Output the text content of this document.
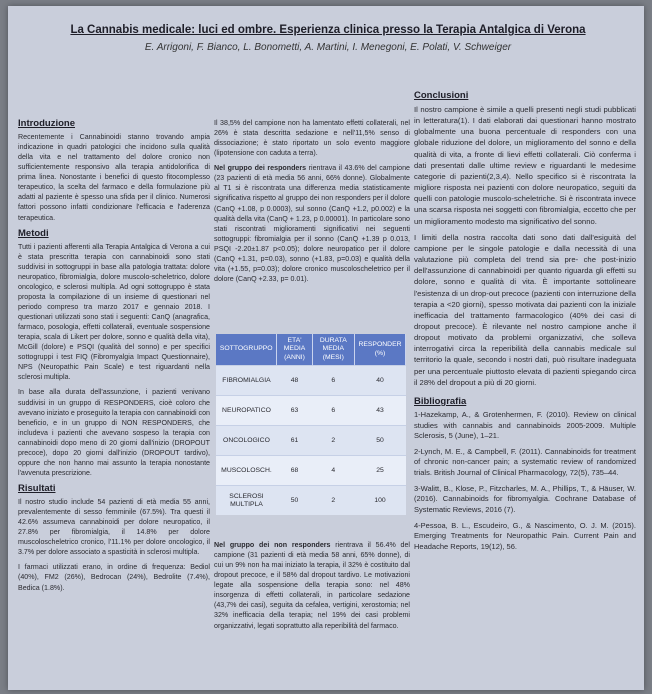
La Cannabis medicale: luci ed ombre. Esperienza clinica presso la Terapia Antalgica di Verona
E. Arrigoni, F. Bianco, L. Bonometti, A. Martini, I. Menegoni, E. Polati, V. Schweiger
Introduzione

Recentemente i Cannabinoidi stanno trovando ampia indicazione in quadri patologici che incidono sulla qualità della vita e nel trattamento del dolore cronico non sufficientemente responsivo alla terapia antidolorifica di prima linea. Nonostante i benefici di questo fitocomplesso terapeutico, la scelta del farmaco e della formulazione più adatti al paziente è spesso una sfida per il clinico. Numerosi fattori possono infatti condizionare l'efficacia e l'aderenza terapeutica.

Metodi

Tutti i pazienti afferenti alla Terapia Antalgica di Verona a cui è stata prescritta terapia con cannabinoidi sono stati suddivisi in sottogruppi in base alla patologia trattata: dolore neuropatico, fibromialgia, dolore muscolo-scheletrico, dolore oncologico, e sclerosi multipla. Ad ogni sottogruppo è stata proposta la compilazione di un insieme di questionari nel periodo compreso tra marzo 2017 e gennaio 2018. I questionari utilizzati sono stati i seguenti: CanQ (anagrafica, farmaco, posologia, effetti collaterali, eventuale sospensione terapia, scala di Likert per dolore, sonno e qualità della vita), McGill (dolore) e PSQI (qualità del sonno) e per specifici sottogruppi i test FIQ (Fibromyalgia Impact Questionnaire), NPS (Neuropathic Pain Scale) e test riguardanti nella sclerosi multipla.

In base alla durata dell'assunzione, i pazienti venivano suddivisi in un gruppo di RESPONDERS, cioè coloro che avevano iniziato e proseguito la terapia con cannabinoidi con beneficio, e in un gruppo di NON RESPONDERS, che includeva i pazienti che avevano sospeso la terapia con cannabinoidi dopo meno di 20 giorni dall'inizio (DROPOUT precoce), dopo 20 giorni dall'inizio (DROPOUT tardivo), oppure che non hanno mai assunto la terapia nonostante l'avvenuta prescrizione.

Risultati

Il nostro studio include 54 pazienti di età media 55 anni, prevalentemente di sesso femminile (67.5%). Tra questi il 42.6% assumeva cannabinoidi per dolore neuropatico, il 27.8% per fibromialgia, il 14.8% per dolore muscoloscheletrico cronico, l'11.1% per dolore oncologico, il 3.7% per dolore associato a spasticità in sclerosi multipla.

I farmaci utilizzati erano, in ordine di frequenza: Bediol (40%), FM2 (26%), Bedrocan (24%), Bedrolite (7.4%), Bedica (1.8%).

Il 38,5% del campione non ha lamentato effetti collaterali, nel 26% è stata descritta sedazione e nell'11,5% senso di dissociazione; è stato riportato un solo evento maggiore (lipotensione con caduta a terra).

Nel gruppo dei responders rientrava il 43.6% del campione (23 pazienti di età media 56 anni, 66% donne). Globalmente al T1 si è riscontrata una differenza media statisticamente significativa rispetto al gruppo dei non responders per il dolore (CanQ +1.08, p 0.0003), sul sonno (CanQ +1.2, p0.002) e la qualità della vita (CanQ + 1.23, p 0.00001). In particolare sono stati riscontrati miglioramenti significativi nei seguenti sottogruppi: fibromialgia per il sonno (CanQ +1.39 p 0.013, PSQI -2.20±1.87 p<0.05); dolore neuropatico per il dolore (CanQ +1.31, p=0.03), sonno (+1.83, p=0.03) e qualità della vita (+1.55, p=0.03); dolore cronico muscoloscheletrico per il dolore (CanQ +2.33, p= 0.01).

SOTTOGRUPPO	ETA' MEDIA (ANNI)	DURATA MEDIA (MESI)	RESPONDER (%)
FIBROMIALGIA	48	6	40
NEUROPATICO	63	6	43
ONCOLOGICO	61	2	50
MUSCOLOSCH.	68	4	25
SCLEROSI MULTIPLA	50	2	100

Nel gruppo dei non responders rientrava il 56.4% del campione (31 pazienti di età media 58 anni, 65% donne), di cui un 9% non ha mai iniziato la terapia, il 32% è costituito dal dropout precoce, e il 58% dal dropout tardivo. Le motivazioni legate alla sospensione della terapia sono: nel 48% insorgenza di effetti collaterali, in particolare sedazione (43,7% dei casi), seguita da cefalea, vertigini, xerostomia; nel 32% inefficacia della terapia; nel 19% dei casi problemi organizzativi, legati soprattutto alla reperibilità del farmaco.

Conclusioni

Il nostro campione è simile a quelli presenti negli studi pubblicati in letteratura(1). I dati elaborati dai questionari hanno mostrato globalmente una buona percentuale di responders con una globale riduzione del dolore, un miglioramento del sonno e della qualità di vita, a fronte di lievi effetti collaterali. Ciò conferma i dati presentati dalle ultime review e riguardanti le medesime categorie di pazienti(2,3,4). Nello specifico si è riscontrata la migliore risposta nei pazienti con dolore neuropatico, seguiti da quelli con patologie muscolo-scheletriche. Si è riscontrata invece una scarsa risposta nei soggetti con fibromialgia, eccetto che per un miglioramento modesto ma significativo del sonno.

I limiti della nostra raccolta dati sono dati dall'esiguità del campione per le singole patologie e dalla necessità di una valutazione più completa del trend sia pre- che post-inizio dell'assunzione di cannabinoidi per quanto riguarda gli effetti su dolore, sonno e qualità di vita. È importante sottolineare l'esistenza di un drop-out precoce (pazienti con interruzione della terapia a <20 giorni), spesso motivata dai pazienti con la iniziale inefficacia del trattamento farmacologico (40% dei casi di dropout precoce). È rilevante nel nostro campione anche il dropout motivato da problemi organizzativi, che solleva interrogativi circa la reperibilità della cannabis medicale sul territorio la quale, secondo i nostri dati, può risultare inadeguata per una percentuale piuttosto elevata di pazienti spiegando circa il 28% del dropout a più di 20 giorni.

Bibliografia

1-Hazekamp, A., & Grotenhermen, F. (2010). Review on clinical studies with cannabis and cannabinoids 2005-2009. Multiple Sclerosis, 5 (June), 1–21.

2-Lynch, M. E., & Campbell, F. (2011). Cannabinoids for treatment of chronic non-cancer pain; a systematic review of randomized trials. British Journal of Clinical Pharmacology, 72(5), 735–44.

3-Walitt, B., Klose, P., Fitzcharles, M. A., Phillips, T., & Häuser, W. (2016). Cannabinoids for fibromyalgia. Cochrane Database of Systematic Reviews, 2016 (7).

4-Pessoa, B. L., Escudeiro, G., & Nascimento, O. J. M. (2015). Emerging Treatments for Neuropathic Pain. Current Pain and Headache Reports, 19(12), 56.
